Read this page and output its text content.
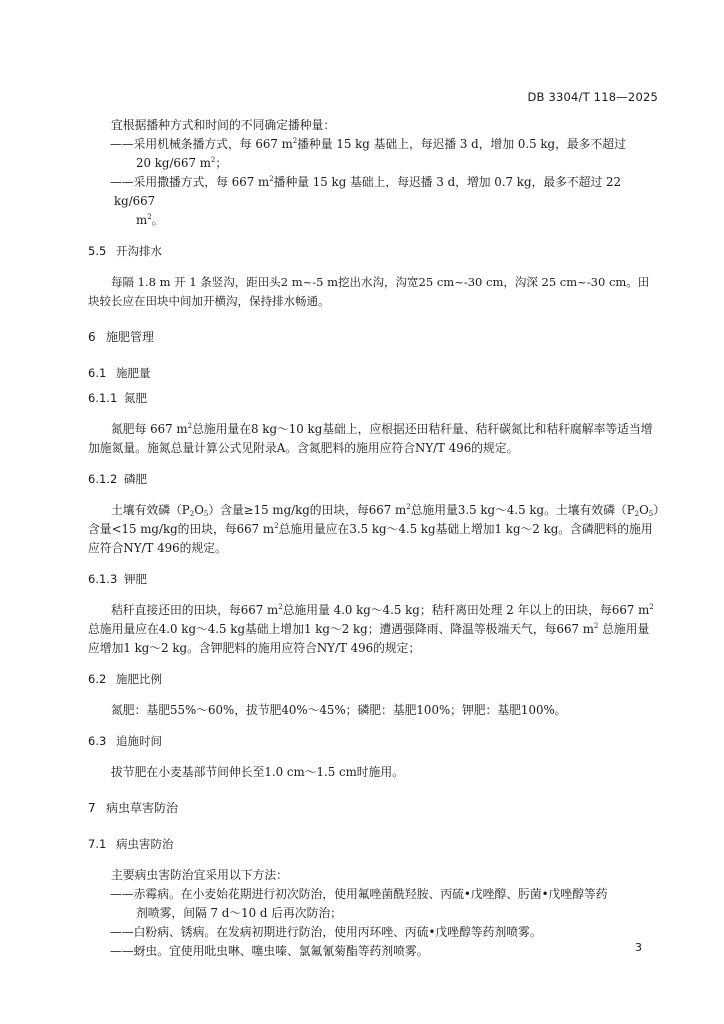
DB 3304/T 118—2025

宜根据播种方式和时间的不同确定播种量：

——采用机械条播方式，每 667 $m^2$播种量 15 kg 基础上，每迟播 3 d，增加 0.5 kg，最多不超过

20 kg/667 $m^2$；

——采用撒播方式，每 667 $m^2$播种量 15 kg 基础上，每迟播 3 d，增加 0.7 kg，最多不超过 22 kg/667

$m^2$。

5.5 开沟排水

每隔 1.8 m 开 1 条竖沟，距田头2 m~-5 m挖出水沟，沟宽25 cm~-30 cm，沟深 25 cm~-30 cm。田块较长应在田块中间加开横沟，保持排水畅通。

6 施肥管理
6.1 施肥量
6.1.1 氮肥

氮肥每 667 $m^2$总施用量在8 kg～10 kg基础上，应根据还田秸秆量、秸秆碳氮比和秸秆腐解率等适当增加施氮量。施氮总量计算公式见附录A。含氮肥料的施用应符合NY/T 496的规定。

6.1.2 磷肥

土壤有效磷$(P_2O_5)$含量≥15 mg/kg的田块，每667 $m^2$总施用量3.5 kg～4.5 kg。土壤有效磷$(P_2O_5)$含量<15 mg/kg的田块，每667 $m^2$总施用量应在3.5 kg～4.5 kg基础上增加1 kg～2 kg。含磷肥料的施用应符合NY/T 496的规定。

6.1.3 钾肥

秸秆直接还田的田块，每667 $m^2$总施用量 4.0 kg～4.5 kg；秸秆离田处理 2 年以上的田块，每667 $m^2$ 总施用量应在4.0 kg～4.5 kg基础上增加1 kg～2 kg；遭遇强降雨、降温等极端天气，每667 $m^2$ 总施用量应增加1 kg～2 kg。含钾肥料的施用应符合NY/T 496的规定；

6.2 施肥比例

氮肥：基肥55%～60%，拔节肥40%～45%；磷肥：基肥100%；钾肥：基肥100%。

6.3 追施时间

拔节肥在小麦基部节间伸长至1.0 cm～1.5 cm时施用。

7 病虫草害防治
7.1 病虫害防治

主要病虫害防治宜采用以下方法：

——赤霉病。在小麦始花期进行初次防治，使用氟唑菌酰羟胺、丙硫•戊唑醇、肟菌•戊唑醇等药

剂喷雾，间隔 7 d～10 d 后再次防治；

——白粉病、锈病。在发病初期进行防治，使用丙环唑、丙硫•戊唑醇等药剂喷雾。

——蚜虫。宜使用吡虫啉、噻虫嗪、氯氟氰菊酯等药剂喷雾。	3
